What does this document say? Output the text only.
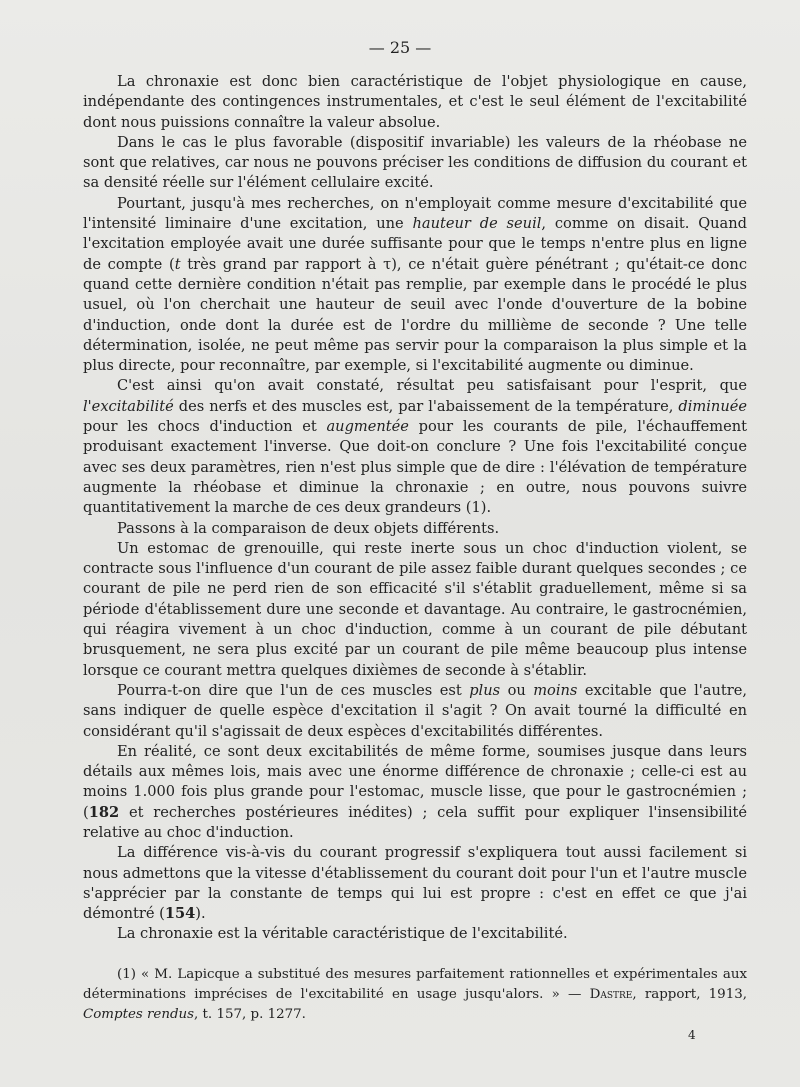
— 25 —

La chronaxie est donc bien caractéristique de l'objet physiologique en cause, indépendante des contingences instrumentales, et c'est le seul élément de l'excitabilité dont nous puissions connaître la valeur absolue.

Dans le cas le plus favorable (dispositif invariable) les valeurs de la rhéobase ne sont que relatives, car nous ne pouvons préciser les conditions de diffusion du courant et sa densité réelle sur l'élément cellulaire excité.

Pourtant, jusqu'à mes recherches, on n'employait comme mesure d'excitabilité que l'intensité liminaire d'une excitation, une hauteur de seuil, comme on disait. Quand l'excitation employée avait une durée suffisante pour que le temps n'entre plus en ligne de compte (t très grand par rapport à τ), ce n'était guère pénétrant ; qu'était-ce donc quand cette dernière condition n'était pas remplie, par exemple dans le procédé le plus usuel, où l'on cherchait une hauteur de seuil avec l'onde d'ouverture de la bobine d'induction, onde dont la durée est de l'ordre du millième de seconde ? Une telle détermination, isolée, ne peut même pas servir pour la comparaison la plus simple et la plus directe, pour reconnaître, par exemple, si l'excitabilité augmente ou diminue.

C'est ainsi qu'on avait constaté, résultat peu satisfaisant pour l'esprit, que l'excitabilité des nerfs et des muscles est, par l'abaissement de la température, diminuée pour les chocs d'induction et augmentée pour les courants de pile, l'échauffement produisant exactement l'inverse. Que doit-on conclure ? Une fois l'excitabilité conçue avec ses deux paramètres, rien n'est plus simple que de dire : l'élévation de température augmente la rhéobase et diminue la chronaxie ; en outre, nous pouvons suivre quantitativement la marche de ces deux grandeurs (1).

Passons à la comparaison de deux objets différents.

Un estomac de grenouille, qui reste inerte sous un choc d'induction violent, se contracte sous l'influence d'un courant de pile assez faible durant quelques secondes ; ce courant de pile ne perd rien de son efficacité s'il s'établit graduellement, même si sa période d'établissement dure une seconde et davantage. Au contraire, le gastrocnémien, qui réagira vivement à un choc d'induction, comme à un courant de pile débutant brusquement, ne sera plus excité par un courant de pile même beaucoup plus intense lorsque ce courant mettra quelques dixièmes de seconde à s'établir.

Pourra-t-on dire que l'un de ces muscles est plus ou moins excitable que l'autre, sans indiquer de quelle espèce d'excitation il s'agit ? On avait tourné la difficulté en considérant qu'il s'agissait de deux espèces d'excitabilités différentes.

En réalité, ce sont deux excitabilités de même forme, soumises jusque dans leurs détails aux mêmes lois, mais avec une énorme différence de chronaxie ; celle-ci est au moins 1.000 fois plus grande pour l'estomac, muscle lisse, que pour le gastrocnémien ; (182 et recherches postérieures inédites) ; cela suffit pour expliquer l'insensibilité relative au choc d'induction.

La différence vis-à-vis du courant progressif s'expliquera tout aussi facilement si nous admettons que la vitesse d'établissement du courant doit pour l'un et l'autre muscle s'apprécier par la constante de temps qui lui est propre : c'est en effet ce que j'ai démontré (154).

La chronaxie est la véritable caractéristique de l'excitabilité.

(1) « M. Lapicque a substitué des mesures parfaitement rationnelles et expérimentales aux déterminations imprécises de l'excitabilité en usage jusqu'alors. » — Dastre, rapport, 1913, Comptes rendus, t. 157, p. 1277.

4
